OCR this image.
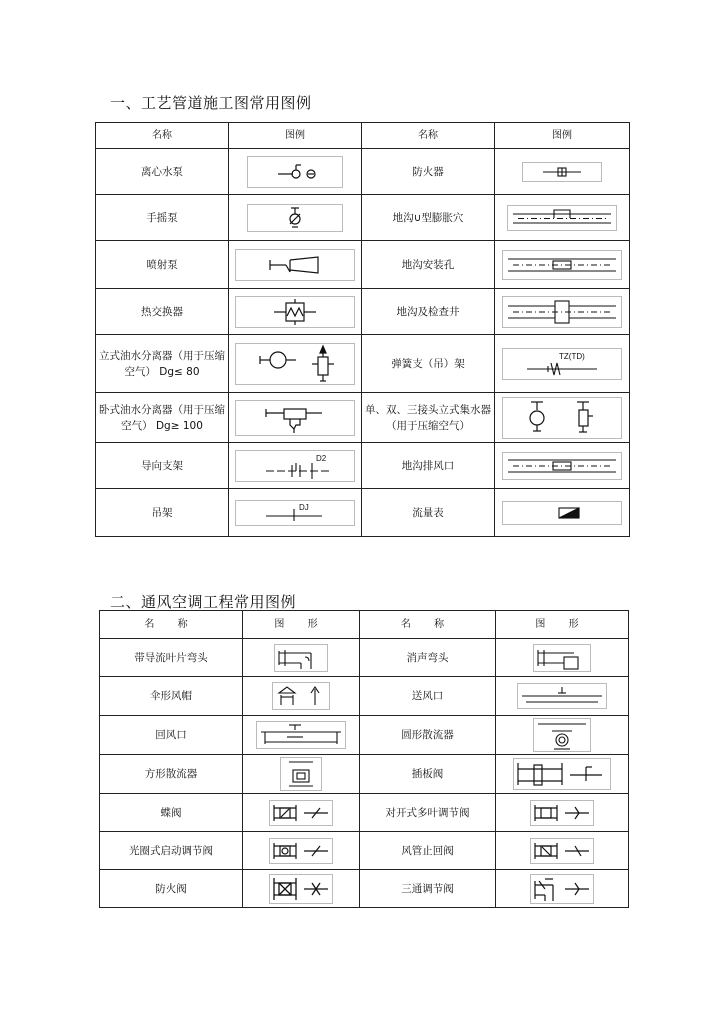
一、工艺管道施工图常用图例
名称	图例	名称	图例
离心水泵		防火器	

手摇泵		地沟∪型膨胀穴	

喷射泵		地沟安装孔	

热交换器		地沟及检查井	

立式油水分离器（用于压缩空气） Dg≤ 80		弹簧支（吊）架	TZ(TD)

卧式油水分离器（用于压缩空气） Dg≥ 100		单、双、三接头立式集水器（用于压缩空气）	

导向支架	D2	地沟排风口	

吊架	DJ	流量表	
二、通风空调工程常用图例
名 称	图 形	名 称	图 形
带导流叶片弯头		消声弯头	

伞形风帽		送风口	

回风口		圆形散流器	

方形散流器		插板阀	

蝶阀		对开式多叶调节阀	

光圈式启动调节阀		风管止回阀	

防火阀		三通调节阀	
